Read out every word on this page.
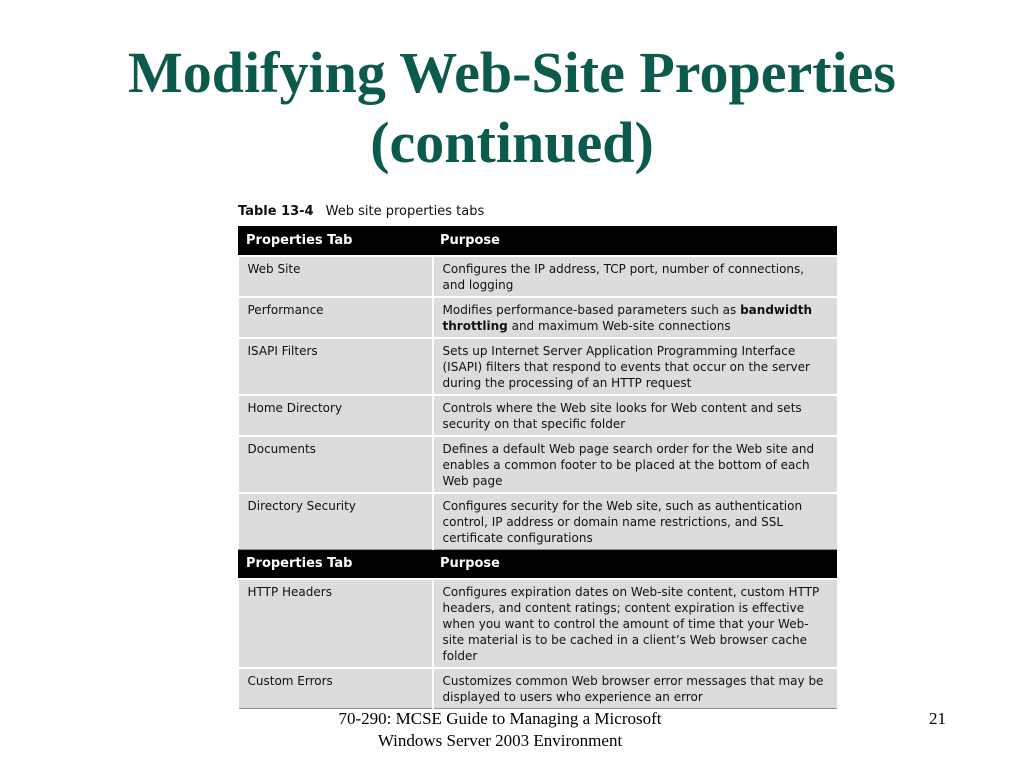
Modifying Web-Site Properties
(continued)
Table 13-4 Web site properties tabs
Properties Tab	Purpose
Web Site	Configures the IP address, TCP port, number of connections, and logging
Performance	Modifies performance-based parameters such as bandwidth throttling and maximum Web-site connections
ISAPI Filters	Sets up Internet Server Application Programming Interface (ISAPI) filters that respond to events that occur on the server during the processing of an HTTP request
Home Directory	Controls where the Web site looks for Web content and sets security on that specific folder
Documents	Defines a default Web page search order for the Web site and enables a common footer to be placed at the bottom of each Web page
Directory Security	Configures security for the Web site, such as authentication control, IP address or domain name restrictions, and SSL certificate configurations
Properties Tab	Purpose
HTTP Headers	Configures expiration dates on Web-site content, custom HTTP headers, and content ratings; content expiration is effective when you want to control the amount of time that your Web-site material is to be cached in a client’s Web browser cache folder
Custom Errors	Customizes common Web browser error messages that may be displayed to users who experience an error
70-290: MCSE Guide to Managing a Microsoft
Windows Server 2003 Environment
21
